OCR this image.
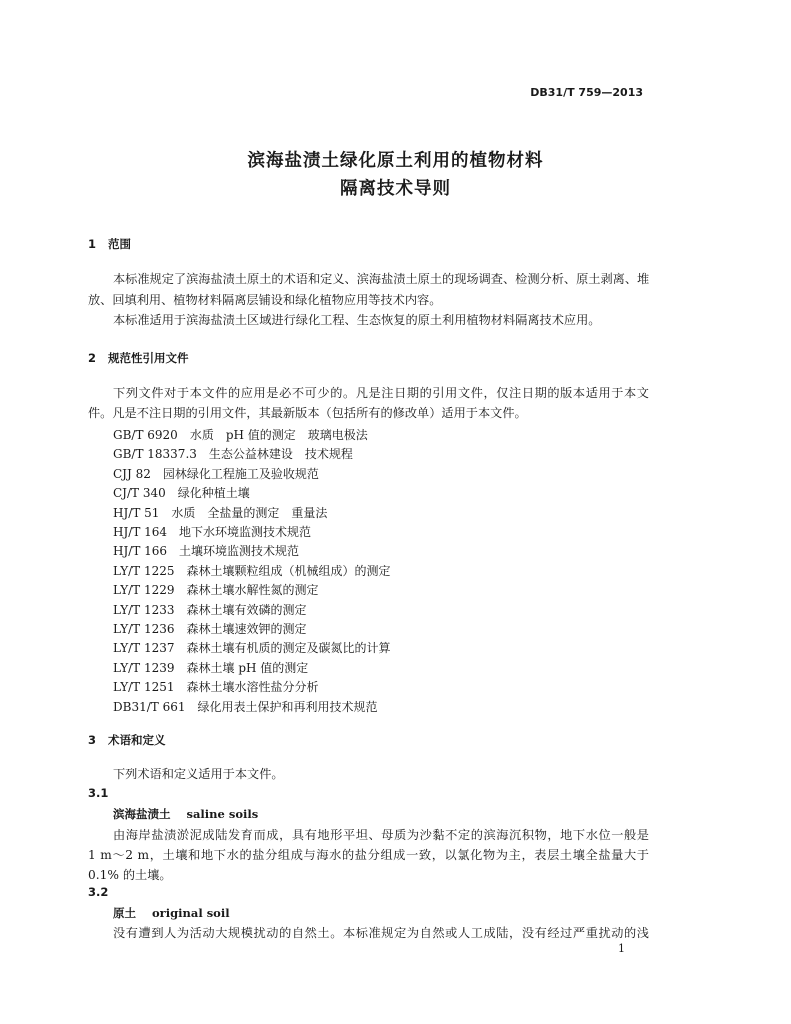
DB31/T 759—2013
滨海盐渍土绿化原土利用的植物材料
隔离技术导则
1 范围
本标准规定了滨海盐渍土原土的术语和定义、滨海盐渍土原土的现场调查、检测分析、原土剥离、堆
放、回填利用、植物材料隔离层铺设和绿化植物应用等技术内容。
本标准适用于滨海盐渍土区域进行绿化工程、生态恢复的原土利用植物材料隔离技术应用。
2 规范性引用文件
下列文件对于本文件的应用是必不可少的。凡是注日期的引用文件，仅注日期的版本适用于本文
件。凡是不注日期的引用文件，其最新版本（包括所有的修改单）适用于本文件。
GB/T 6920 水质　pH 值的测定　玻璃电极法
GB/T 18337.3 生态公益林建设　技术规程
CJJ 82 园林绿化工程施工及验收规范
CJ/T 340 绿化种植土壤
HJ/T 51 水质　全盐量的测定　重量法
HJ/T 164 地下水环境监测技术规范
HJ/T 166 土壤环境监测技术规范
LY/T 1225 森林土壤颗粒组成（机械组成）的测定
LY/T 1229 森林土壤水解性氮的测定
LY/T 1233 森林土壤有效磷的测定
LY/T 1236 森林土壤速效钾的测定
LY/T 1237 森林土壤有机质的测定及碳氮比的计算
LY/T 1239 森林土壤 pH 值的测定
LY/T 1251 森林土壤水溶性盐分分析
DB31/T 661 绿化用表土保护和再利用技术规范
3 术语和定义
下列术语和定义适用于本文件。
3.1
滨海盐渍土 saline soils
由海岸盐渍淤泥成陆发育而成，具有地形平坦、母质为沙黏不定的滨海沉积物，地下水位一般是
1 m～2 m，土壤和地下水的盐分组成与海水的盐分组成一致，以氯化物为主，表层土壤全盐量大于
0.1% 的土壤。
3.2
原土 original soil
没有遭到人为活动大规模扰动的自然土。本标准规定为自然或人工成陆，没有经过严重扰动的浅
1
